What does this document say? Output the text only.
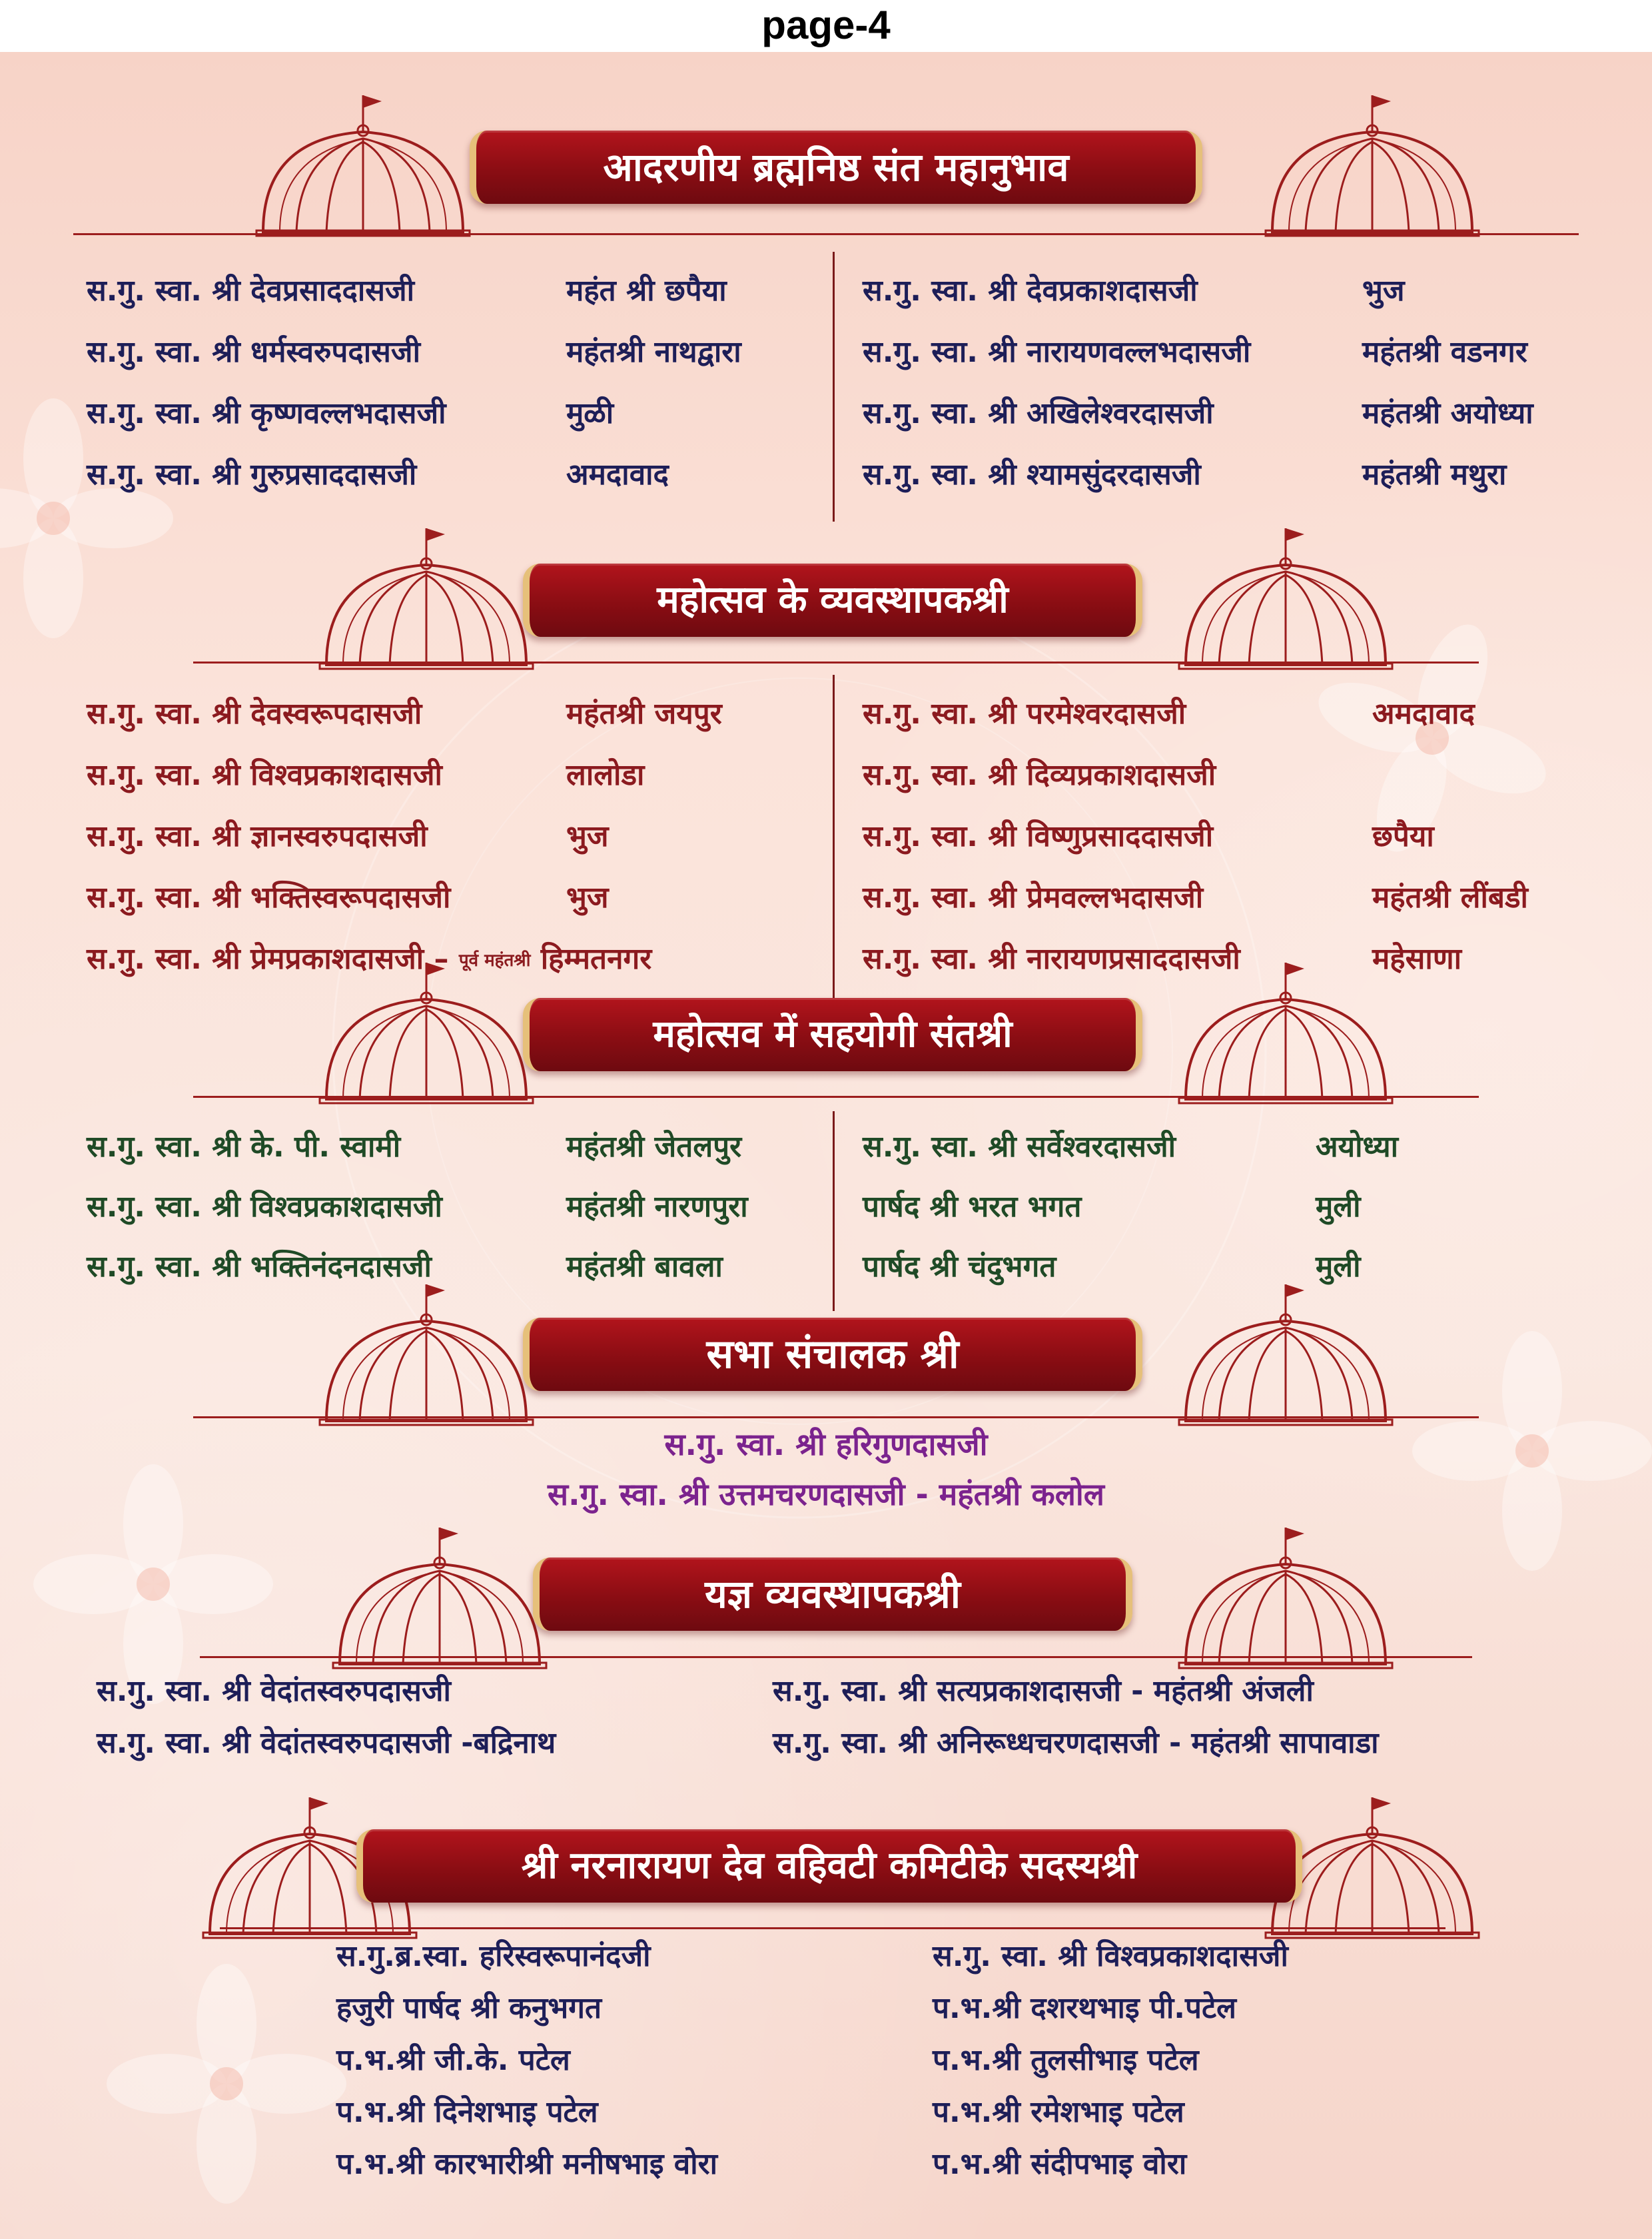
page-4
आदरणीय ब्रह्मनिष्ठ संत महानुभाव
स.गु. स्वा. श्री देवप्रसाददासजी	महंत श्री छपैया
स.गु. स्वा. श्री धर्मस्वरुपदासजी	महंतश्री नाथद्वारा
स.गु. स्वा. श्री कृष्णवल्लभदासजी	मुळी
स.गु. स्वा. श्री गुरुप्रसाददासजी	अमदावाद
स.गु. स्वा. श्री देवप्रकाशदासजी	भुज
स.गु. स्वा. श्री नारायणवल्लभदासजी	महंतश्री वडनगर
स.गु. स्वा. श्री अखिलेश्वरदासजी	महंतश्री अयोध्या
स.गु. स्वा. श्री श्यामसुंदरदासजी	महंतश्री मथुरा
महोत्सव के व्यवस्थापकश्री
स.गु. स्वा. श्री देवस्वरूपदासजी	महंतश्री जयपुर
स.गु. स्वा. श्री विश्वप्रकाशदासजी	लालोडा
स.गु. स्वा. श्री ज्ञानस्वरुपदासजी	भुज
स.गु. स्वा. श्री भक्तिस्वरूपदासजी	भुज
स.गु. स्वा. श्री प्रेमप्रकाशदासजी – पूर्व महंतश्री हिम्मतनगर
स.गु. स्वा. श्री परमेश्वरदासजी	अमदावाद
स.गु. स्वा. श्री दिव्यप्रकाशदासजी
स.गु. स्वा. श्री विष्णुप्रसाददासजी	छपैया
स.गु. स्वा. श्री प्रेमवल्लभदासजी	महंतश्री लींबडी
स.गु. स्वा. श्री नारायणप्रसाददासजी	महेसाणा
महोत्सव में सहयोगी संतश्री
स.गु. स्वा. श्री के. पी. स्वामी	महंतश्री जेतलपुर
स.गु. स्वा. श्री विश्वप्रकाशदासजी	महंतश्री नारणपुरा
स.गु. स्वा. श्री भक्तिनंदनदासजी	महंतश्री बावला
स.गु. स्वा. श्री सर्वेश्वरदासजी	अयोध्या
पार्षद श्री भरत भगत	मुली
पार्षद श्री चंदुभगत	मुली
सभा संचालक श्री
स.गु. स्वा. श्री हरिगुणदासजी
स.गु. स्वा. श्री उत्तमचरणदासजी - महंतश्री कलोल
यज्ञ व्यवस्थापकश्री
स.गु. स्वा. श्री वेदांतस्वरुपदासजी
स.गु. स्वा. श्री वेदांतस्वरुपदासजी -बद्रिनाथ
स.गु. स्वा. श्री सत्यप्रकाशदासजी - महंतश्री अंजली
स.गु. स्वा. श्री अनिरूध्धचरणदासजी - महंतश्री सापावाडा
श्री नरनारायण देव वहिवटी कमिटीके सदस्यश्री
स.गु.ब्र.स्वा. हरिस्वरूपानंदजी
हजुरी पार्षद श्री कनुभगत
प.भ.श्री जी.के. पटेल
प.भ.श्री दिनेशभाइ पटेल
प.भ.श्री कारभारीश्री मनीषभाइ वोरा
स.गु. स्वा. श्री विश्वप्रकाशदासजी
प.भ.श्री दशरथभाइ पी.पटेल
प.भ.श्री तुलसीभाइ पटेल
प.भ.श्री रमेशभाइ पटेल
प.भ.श्री संदीपभाइ वोरा
